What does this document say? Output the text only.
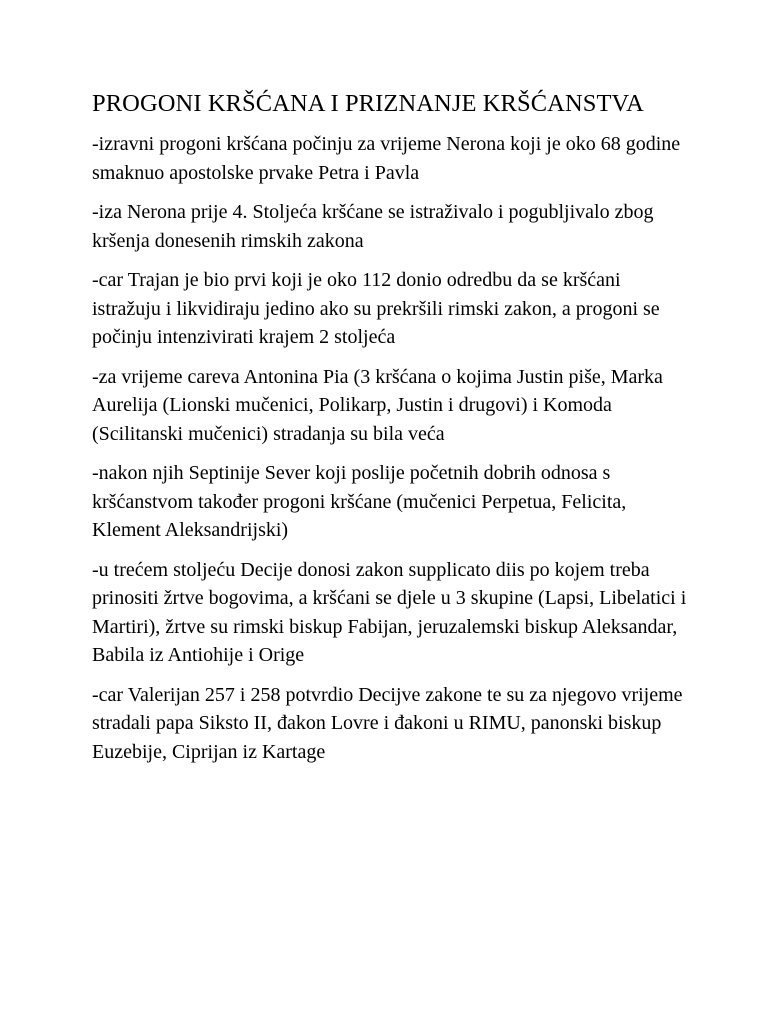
PROGONI KRŠĆANA I PRIZNANJE KRŠĆANSTVA

-izravni progoni kršćana počinju za vrijeme Nerona koji je oko 68 godine smaknuo apostolske prvake Petra i Pavla

-iza Nerona prije 4. Stoljeća kršćane se istraživalo i pogubljivalo zbog kršenja donesenih rimskih zakona

-car Trajan je bio prvi koji je oko 112 donio odredbu da se kršćani istražuju i likvidiraju jedino ako su prekršili rimski zakon, a progoni se počinju intenzivirati krajem 2 stoljeća

-za vrijeme careva Antonina Pia (3 kršćana o kojima Justin piše, Marka Aurelija (Lionski mučenici, Polikarp, Justin i drugovi) i Komoda (Scilitanski mučenici) stradanja su bila veća

-nakon njih Septinije Sever koji poslije početnih dobrih odnosa s kršćanstvom također progoni kršćane (mučenici Perpetua, Felicita, Klement Aleksandrijski)

-u trećem stoljeću Decije donosi zakon supplicato diis po kojem treba prinositi žrtve bogovima, a kršćani se djele u 3 skupine (Lapsi, Libelatici i Martiri), žrtve su rimski biskup Fabijan, jeruzalemski biskup Aleksandar, Babila iz Antiohije i Orige

-car Valerijan 257 i 258 potvrdio Decijve zakone te su za njegovo vrijeme stradali papa Siksto II, đakon Lovre i đakoni u RIMU, panonski biskup Euzebije, Ciprijan iz Kartage
